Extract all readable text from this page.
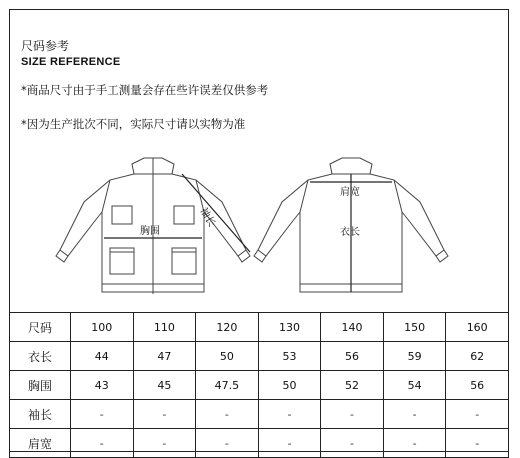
尺码参考
SIZE REFERENCE
*商品尺寸由于手工测量会存在些许误差仅供参考
*因为生产批次不同，实际尺寸请以实物为准
袖长
胸围
肩宽
衣长
尺码	100	110	120	130	140	150	160
衣长	44	47	50	53	56	59	62
胸围	43	45	47.5	50	52	54	56
袖长	-	-	-	-	-	-	-
肩宽	-	-	-	-	-	-	-
